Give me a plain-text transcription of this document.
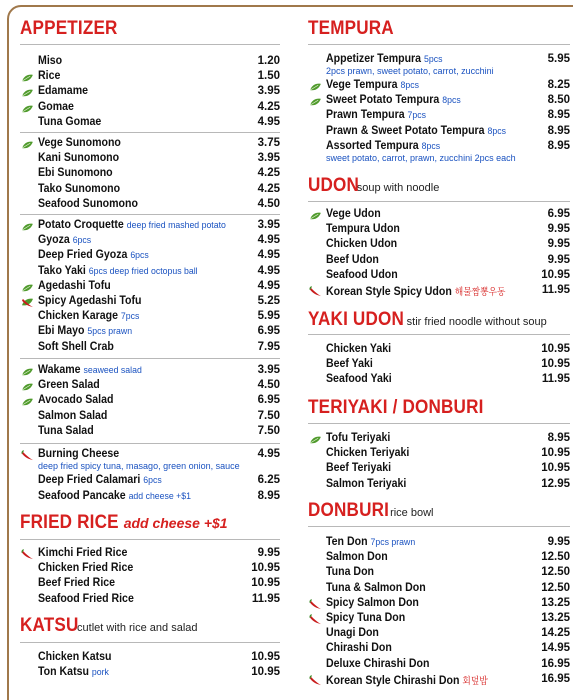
APPETIZER
Miso	1.20
Rice	1.50
Edamame	3.95
Gomae	4.25
Tuna Gomae	4.95
Vege Sunomono	3.75
Kani Sunomono	3.95
Ebi Sunomono	4.25
Tako Sunomono	4.25
Seafood Sunomono	4.50
Potato Croquette deep fried mashed potato	3.95
Gyoza 6pcs	4.95
Deep Fried Gyoza 6pcs	4.95
Tako Yaki 6pcs deep fried octopus ball	4.95
Agedashi Tofu	4.95
Spicy Agedashi Tofu	5.25
Chicken Karage 7pcs	5.95
Ebi Mayo 5pcs prawn	6.95
Soft Shell Crab	7.95
Wakame seaweed salad	3.95
Green Salad	4.50
Avocado Salad	6.95
Salmon Salad	7.50
Tuna Salad	7.50
Burning Cheese	4.95
deep fried spicy tuna, masago, green onion, sauce
Deep Fried Calamari 6pcs	6.25
Seafood Pancake add cheese +$1	8.95
FRIED RICE add cheese +$1
Kimchi Fried Rice	9.95
Chicken Fried Rice	10.95
Beef Fried Rice	10.95
Seafood Fried Rice	11.95
KATSUcutlet with rice and salad
Chicken Katsu	10.95
Ton Katsu pork	10.95
TEMPURA
Appetizer Tempura 5pcs	5.95
2pcs prawn, sweet potato, carrot, zucchini
Vege Tempura 8pcs	8.25
Sweet Potato Tempura 8pcs	8.50
Prawn Tempura 7pcs	8.95
Prawn & Sweet Potato Tempura 8pcs	8.95
Assorted Tempura 8pcs	8.95
sweet potato, carrot, prawn, zucchini 2pcs each
UDONsoup with noodle
Vege Udon	6.95
Tempura Udon	9.95
Chicken Udon	9.95
Beef Udon	9.95
Seafood Udon	10.95
Korean Style Spicy Udon 해물짬뽕우동	11.95
YAKI UDON stir fried noodle without soup
Chicken Yaki	10.95
Beef Yaki	10.95
Seafood Yaki	11.95
TERIYAKI / DONBURI
Tofu Teriyaki	8.95
Chicken Teriyaki	10.95
Beef Teriyaki	10.95
Salmon Teriyaki	12.95
DONBURIrice bowl
Ten Don 7pcs prawn	9.95
Salmon Don	12.50
Tuna Don	12.50
Tuna & Salmon Don	12.50
Spicy Salmon Don	13.25
Spicy Tuna Don	13.25
Unagi Don	14.25
Chirashi Don	14.95
Deluxe Chirashi Don	16.95
Korean Style Chirashi Don 회덮밥	16.95
